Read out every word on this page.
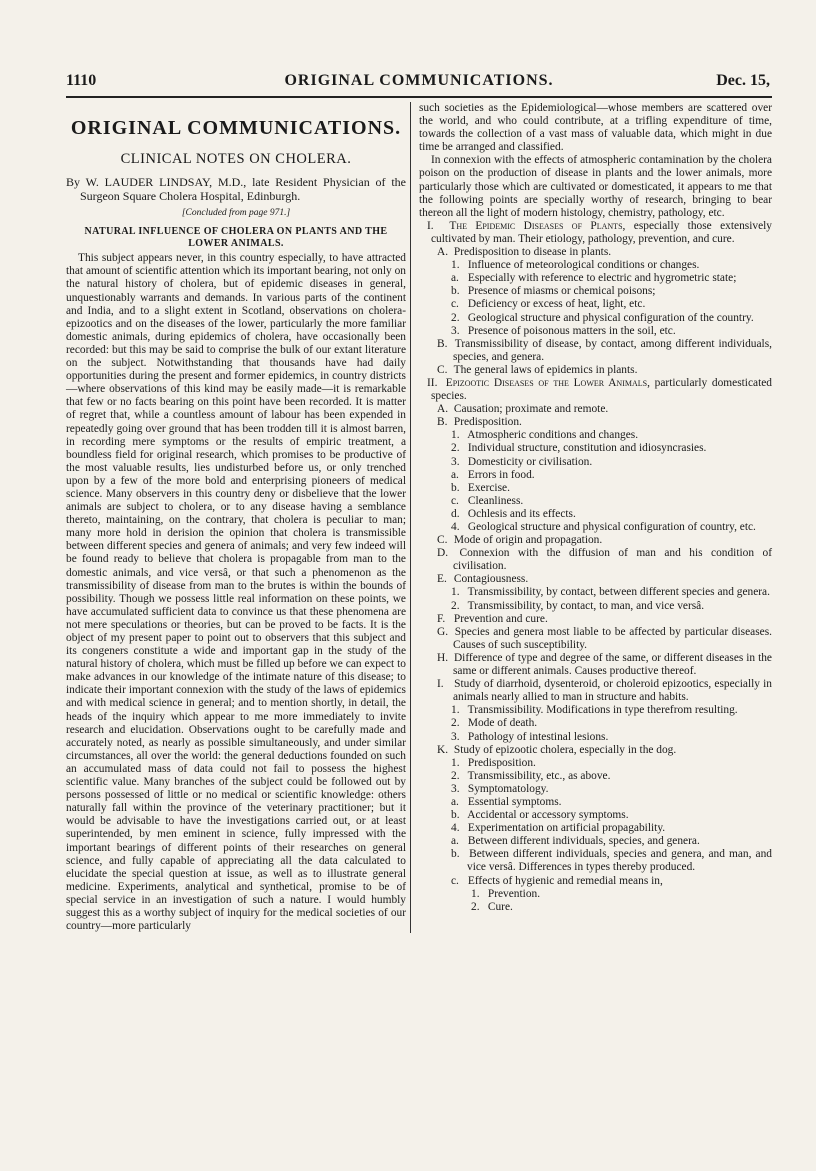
1110	ORIGINAL COMMUNICATIONS.	Dec. 15,
ORIGINAL COMMUNICATIONS.
CLINICAL NOTES ON CHOLERA.
By W. LAUDER LINDSAY, M.D., late Resident Physician of the Surgeon Square Cholera Hospital, Edinburgh.
[Concluded from page 971.]
NATURAL INFLUENCE OF CHOLERA ON PLANTS AND THE LOWER ANIMALS.

This subject appears never, in this country especially, to have attracted that amount of scientific attention which its important bearing, not only on the natural history of cholera, but of epidemic diseases in general, unquestionably warrants and demands. In various parts of the continent and India, and to a slight extent in Scotland, observations on cholera-epizootics and on the diseases of the lower, particularly the more familiar domestic animals, during epidemics of cholera, have occasionally been recorded: but this may be said to comprise the bulk of our extant literature on the subject. Notwithstanding that thousands have had daily opportunities during the present and former epidemics, in country districts—where observations of this kind may be easily made—it is remarkable that few or no facts bearing on this point have been recorded. It is matter of regret that, while a countless amount of labour has been expended in repeatedly going over ground that has been trodden till it is almost barren, in recording mere symptoms or the results of empiric treatment, a boundless field for original research, which promises to be productive of the most valuable results, lies undisturbed before us, or only trenched upon by a few of the more bold and enterprising pioneers of medical science. Many observers in this country deny or disbelieve that the lower animals are subject to cholera, or to any disease having a semblance thereto, maintaining, on the contrary, that cholera is peculiar to man; many more hold in derision the opinion that cholera is transmissible between different species and genera of animals; and very few indeed will be found ready to believe that cholera is propagable from man to the domestic animals, and vice versâ, or that such a phenomenon as the transmissibility of disease from man to the brutes is within the bounds of possibility. Though we possess little real information on these points, we have accumulated sufficient data to convince us that these phenomena are not mere speculations or theories, but can be proved to be facts. It is the object of my present paper to point out to observers that this subject and its congeners constitute a wide and important gap in the study of the natural history of cholera, which must be filled up before we can expect to make advances in our knowledge of the intimate nature of this disease; to indicate their important connexion with the study of the laws of epidemics and with medical science in general; and to mention shortly, in detail, the heads of the inquiry which appear to me more immediately to invite research and elucidation. Observations ought to be carefully made and accurately noted, as nearly as possible simultaneously, and under similar circumstances, all over the world: the general deductions founded on such an accumulated mass of data could not fail to possess the highest scientific value. Many branches of the subject could be followed out by persons possessed of little or no medical or scientific knowledge: others naturally fall within the province of the veterinary practitioner; but it would be advisable to have the investigations carried out, or at least superintended, by men eminent in science, fully impressed with the important bearings of different points of their researches on general science, and fully capable of appreciating all the data calculated to elucidate the special question at issue, as well as to illustrate general medicine. Experiments, analytical and synthetical, promise to be of special service in an investigation of such a nature. I would humbly suggest this as a worthy subject of inquiry for the medical societies of our country—more particularly

such societies as the Epidemiological—whose members are scattered over the world, and who could contribute, at a trifling expenditure of time, towards the collection of a vast mass of valuable data, which might in due time be arranged and classified.

In connexion with the effects of atmospheric contamination by the cholera poison on the production of disease in plants and the lower animals, more particularly those which are cultivated or domesticated, it appears to me that the following points are specially worthy of research, bringing to bear thereon all the light of modern histology, chemistry, pathology, etc.

I. The Epidemic Diseases of Plants, especially those extensively cultivated by man. Their etiology, pathology, prevention, and cure.
A. Predisposition to disease in plants.
1. Influence of meteorological conditions or changes.
a. Especially with reference to electric and hygrometric state;
b. Presence of miasms or chemical poisons;
c. Deficiency or excess of heat, light, etc.
2. Geological structure and physical configuration of the country.
3. Presence of poisonous matters in the soil, etc.
B. Transmissibility of disease, by contact, among different individuals, species, and genera.
C. The general laws of epidemics in plants.
II. Epizootic Diseases of the Lower Animals, particularly domesticated species.
A. Causation; proximate and remote.
B. Predisposition.
1. Atmospheric conditions and changes.
2. Individual structure, constitution and idiosyncrasies.
3. Domesticity or civilisation.
a. Errors in food.
b. Exercise.
c. Cleanliness.
d. Ochlesis and its effects.
4. Geological structure and physical configuration of country, etc.
C. Mode of origin and propagation.
D. Connexion with the diffusion of man and his condition of civilisation.
E. Contagiousness.
1. Transmissibility, by contact, between different species and genera.
2. Transmissibility, by contact, to man, and vice versâ.
F. Prevention and cure.
G. Species and genera most liable to be affected by particular diseases. Causes of such susceptibility.
H. Difference of type and degree of the same, or different diseases in the same or different animals. Causes productive thereof.
I. Study of diarrhoid, dysenteroid, or choleroid epizootics, especially in animals nearly allied to man in structure and habits.
1. Transmissibility. Modifications in type therefrom resulting.
2. Mode of death.
3. Pathology of intestinal lesions.
K. Study of epizootic cholera, especially in the dog.
1. Predisposition.
2. Transmissibility, etc., as above.
3. Symptomatology.
a. Essential symptoms.
b. Accidental or accessory symptoms.
4. Experimentation on artificial propagability.
a. Between different individuals, species, and genera.
b. Between different individuals, species and genera, and man, and vice versâ. Differences in types thereby produced.
c. Effects of hygienic and remedial means in,
1. Prevention.
2. Cure.
